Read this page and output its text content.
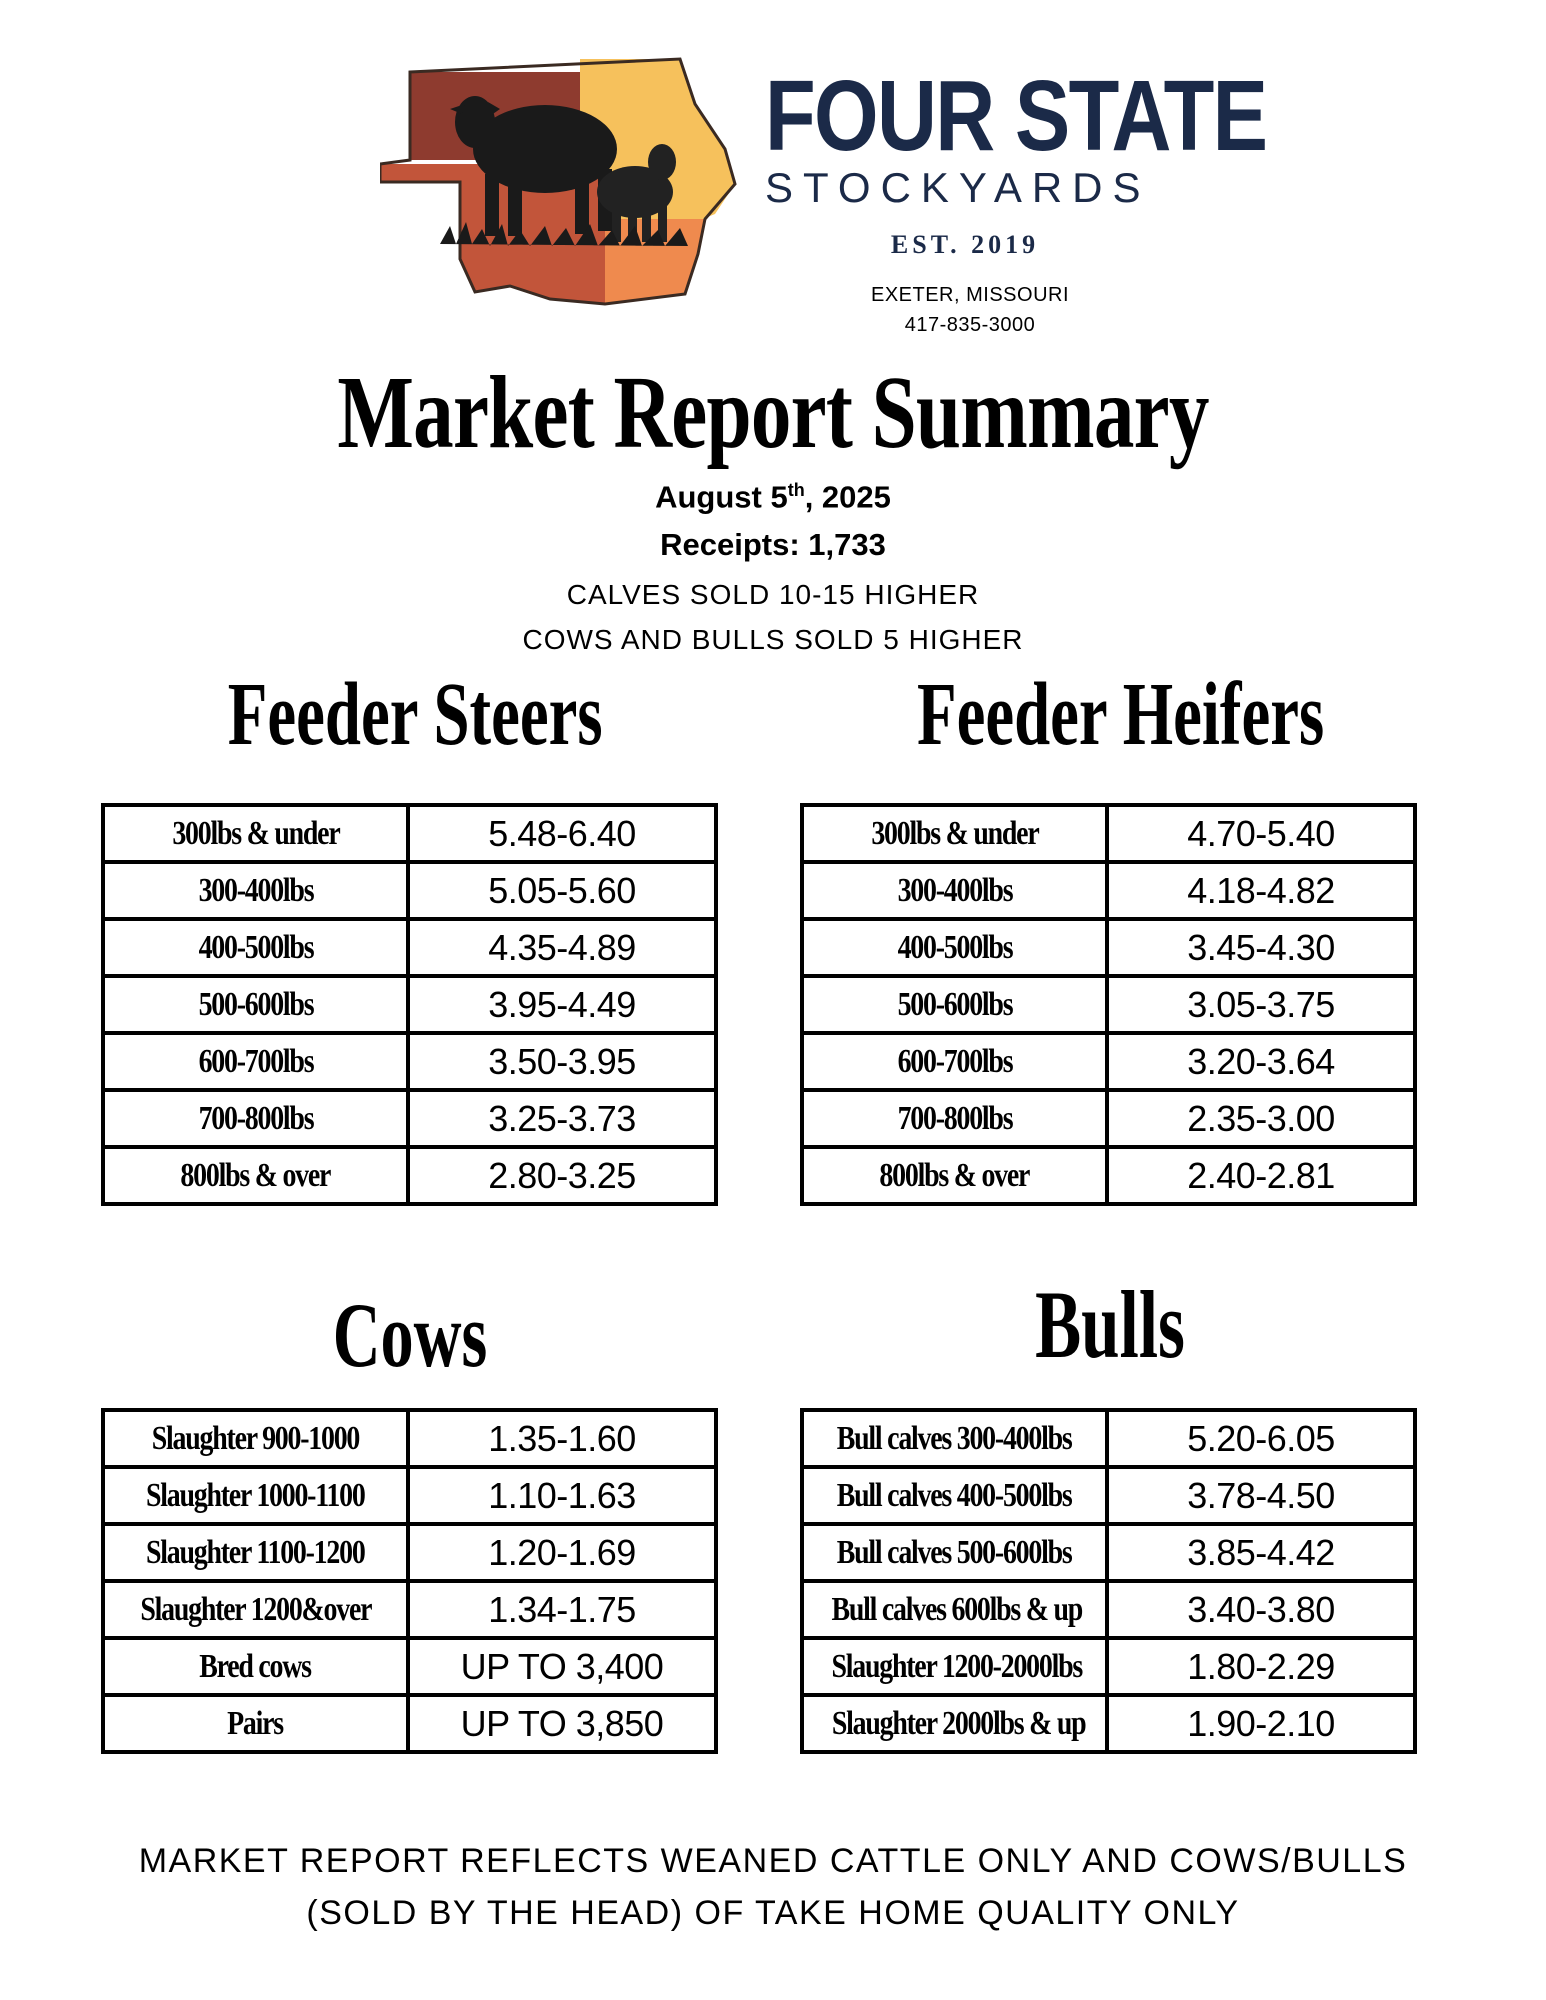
FOUR STATE
STOCKYARDS
EST. 2019
EXETER, MISSOURI
417-835-3000
Market Report Summary
August 5th, 2025
Receipts: 1,733
CALVES SOLD 10-15 HIGHER
COWS AND BULLS SOLD 5 HIGHER
Feeder Steers	Feeder Heifers
300lbs & under	5.48-6.40
300-400lbs	5.05-5.60
400-500lbs	4.35-4.89
500-600lbs	3.95-4.49
600-700lbs	3.50-3.95
700-800lbs	3.25-3.73
800lbs & over	2.80-3.25
300lbs & under	4.70-5.40
300-400lbs	4.18-4.82
400-500lbs	3.45-4.30
500-600lbs	3.05-3.75
600-700lbs	3.20-3.64
700-800lbs	2.35-3.00
800lbs & over	2.40-2.81
Cows	Bulls
Slaughter 900-1000	1.35-1.60
Slaughter 1000-1100	1.10-1.63
Slaughter 1100-1200	1.20-1.69
Slaughter 1200&over	1.34-1.75
Bred cows	UP TO 3,400
Pairs	UP TO 3,850
Bull calves 300-400lbs	5.20-6.05
Bull calves 400-500lbs	3.78-4.50
Bull calves 500-600lbs	3.85-4.42
Bull calves 600lbs & up	3.40-3.80
Slaughter 1200-2000lbs	1.80-2.29
Slaughter 2000lbs & up	1.90-2.10
MARKET REPORT REFLECTS WEANED CATTLE ONLY AND COWS/BULLS
(SOLD BY THE HEAD) OF TAKE HOME QUALITY ONLY
